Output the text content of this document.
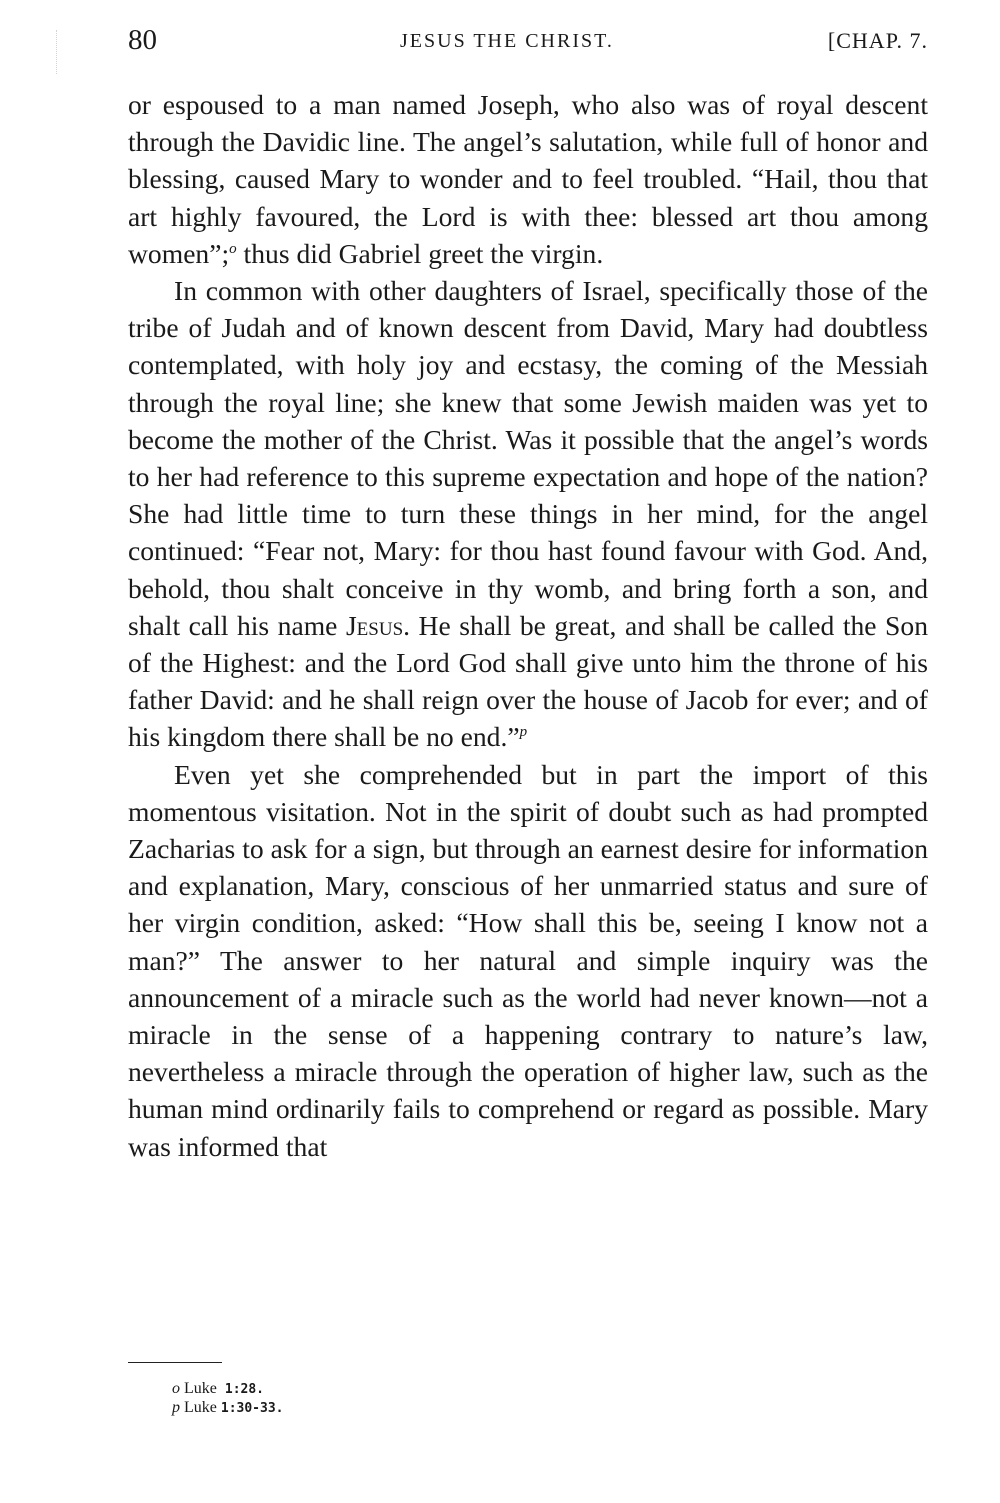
80	JESUS THE CHRIST.	[CHAP. 7.

or espoused to a man named Joseph, who also was of royal descent through the Davidic line. The angel’s salutation, while full of honor and blessing, caused Mary to wonder and to feel troubled. “Hail, thou that art highly favoured, the Lord is with thee: blessed art thou among women”;$^o$ thus did Gabriel greet the virgin.

In common with other daughters of Israel, specifically those of the tribe of Judah and of known descent from David, Mary had doubtless contemplated, with holy joy and ecstasy, the coming of the Messiah through the royal line; she knew that some Jewish maiden was yet to become the mother of the Christ. Was it possible that the angel’s words to her had reference to this supreme expectation and hope of the nation? She had little time to turn these things in her mind, for the angel continued: “Fear not, Mary: for thou hast found favour with God. And, behold, thou shalt conceive in thy womb, and bring forth a son, and shalt call his name Jesus. He shall be great, and shall be called the Son of the Highest: and the Lord God shall give unto him the throne of his father David: and he shall reign over the house of Jacob for ever; and of his kingdom there shall be no end.”$^p$

Even yet she comprehended but in part the import of this momentous visitation. Not in the spirit of doubt such as had prompted Zacharias to ask for a sign, but through an earnest desire for information and explanation, Mary, conscious of her unmarried status and sure of her virgin condition, asked: “How shall this be, seeing I know not a man?” The answer to her natural and simple inquiry was the announcement of a miracle such as the world had never known—not a miracle in the sense of a happening contrary to nature’s law, nevertheless a miracle through the operation of higher law, such as the human mind ordinarily fails to comprehend or regard as possible. Mary was informed that

o Luke 1:28.
p Luke 1:30-33.
